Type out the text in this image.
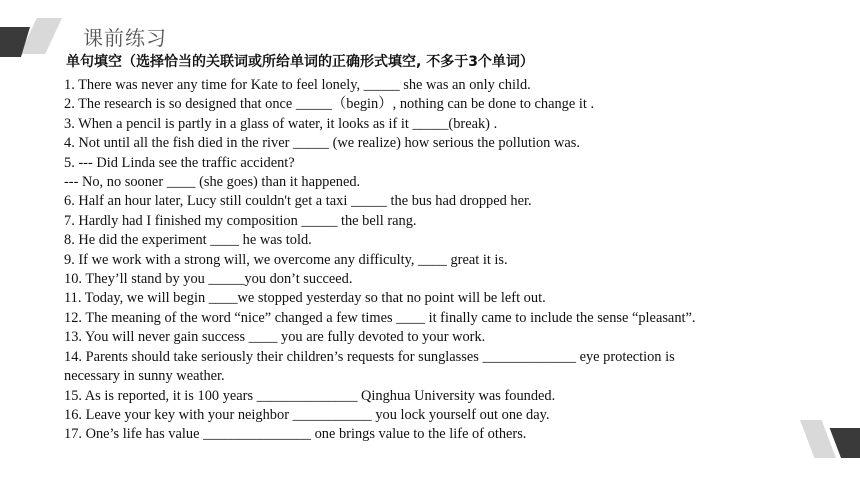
课前练习
单句填空（选择恰当的关联词或所给单词的正确形式填空, 不多于3个单词）
1. There was never any time for Kate to feel lonely, _____ she was an only child.
2. The research is so designed that once _____（begin）, nothing can be done to change it .
3. When a pencil is partly in a glass of water, it looks as if it _____(break) .
4. Not until all the fish died in the river _____ (we realize) how serious the pollution was.
5. --- Did Linda see the traffic accident?
--- No, no sooner ____ (she goes) than it happened.
6. Half an hour later, Lucy still couldn't get a taxi _____ the bus had dropped her.
7. Hardly had I finished my composition _____ the bell rang.
8. He did the experiment ____ he was told.
9. If we work with a strong will, we overcome any difficulty, ____ great it is.
10. They’ll stand by you _____you don’t succeed.
11. Today, we will begin ____we stopped yesterday so that no point will be left out.
12. The meaning of the word “nice” changed a few times ____ it finally came to include the sense “pleasant”.
13. You will never gain success ____ you are fully devoted to your work.
14. Parents should take seriously their children’s requests for sunglasses _____________ eye protection is
necessary in sunny weather.
15. As is reported, it is 100 years ______________ Qinghua University was founded.
16. Leave your key with your neighbor ___________ you lock yourself out one day.
17. One’s life has value _______________ one brings value to the life of others.
